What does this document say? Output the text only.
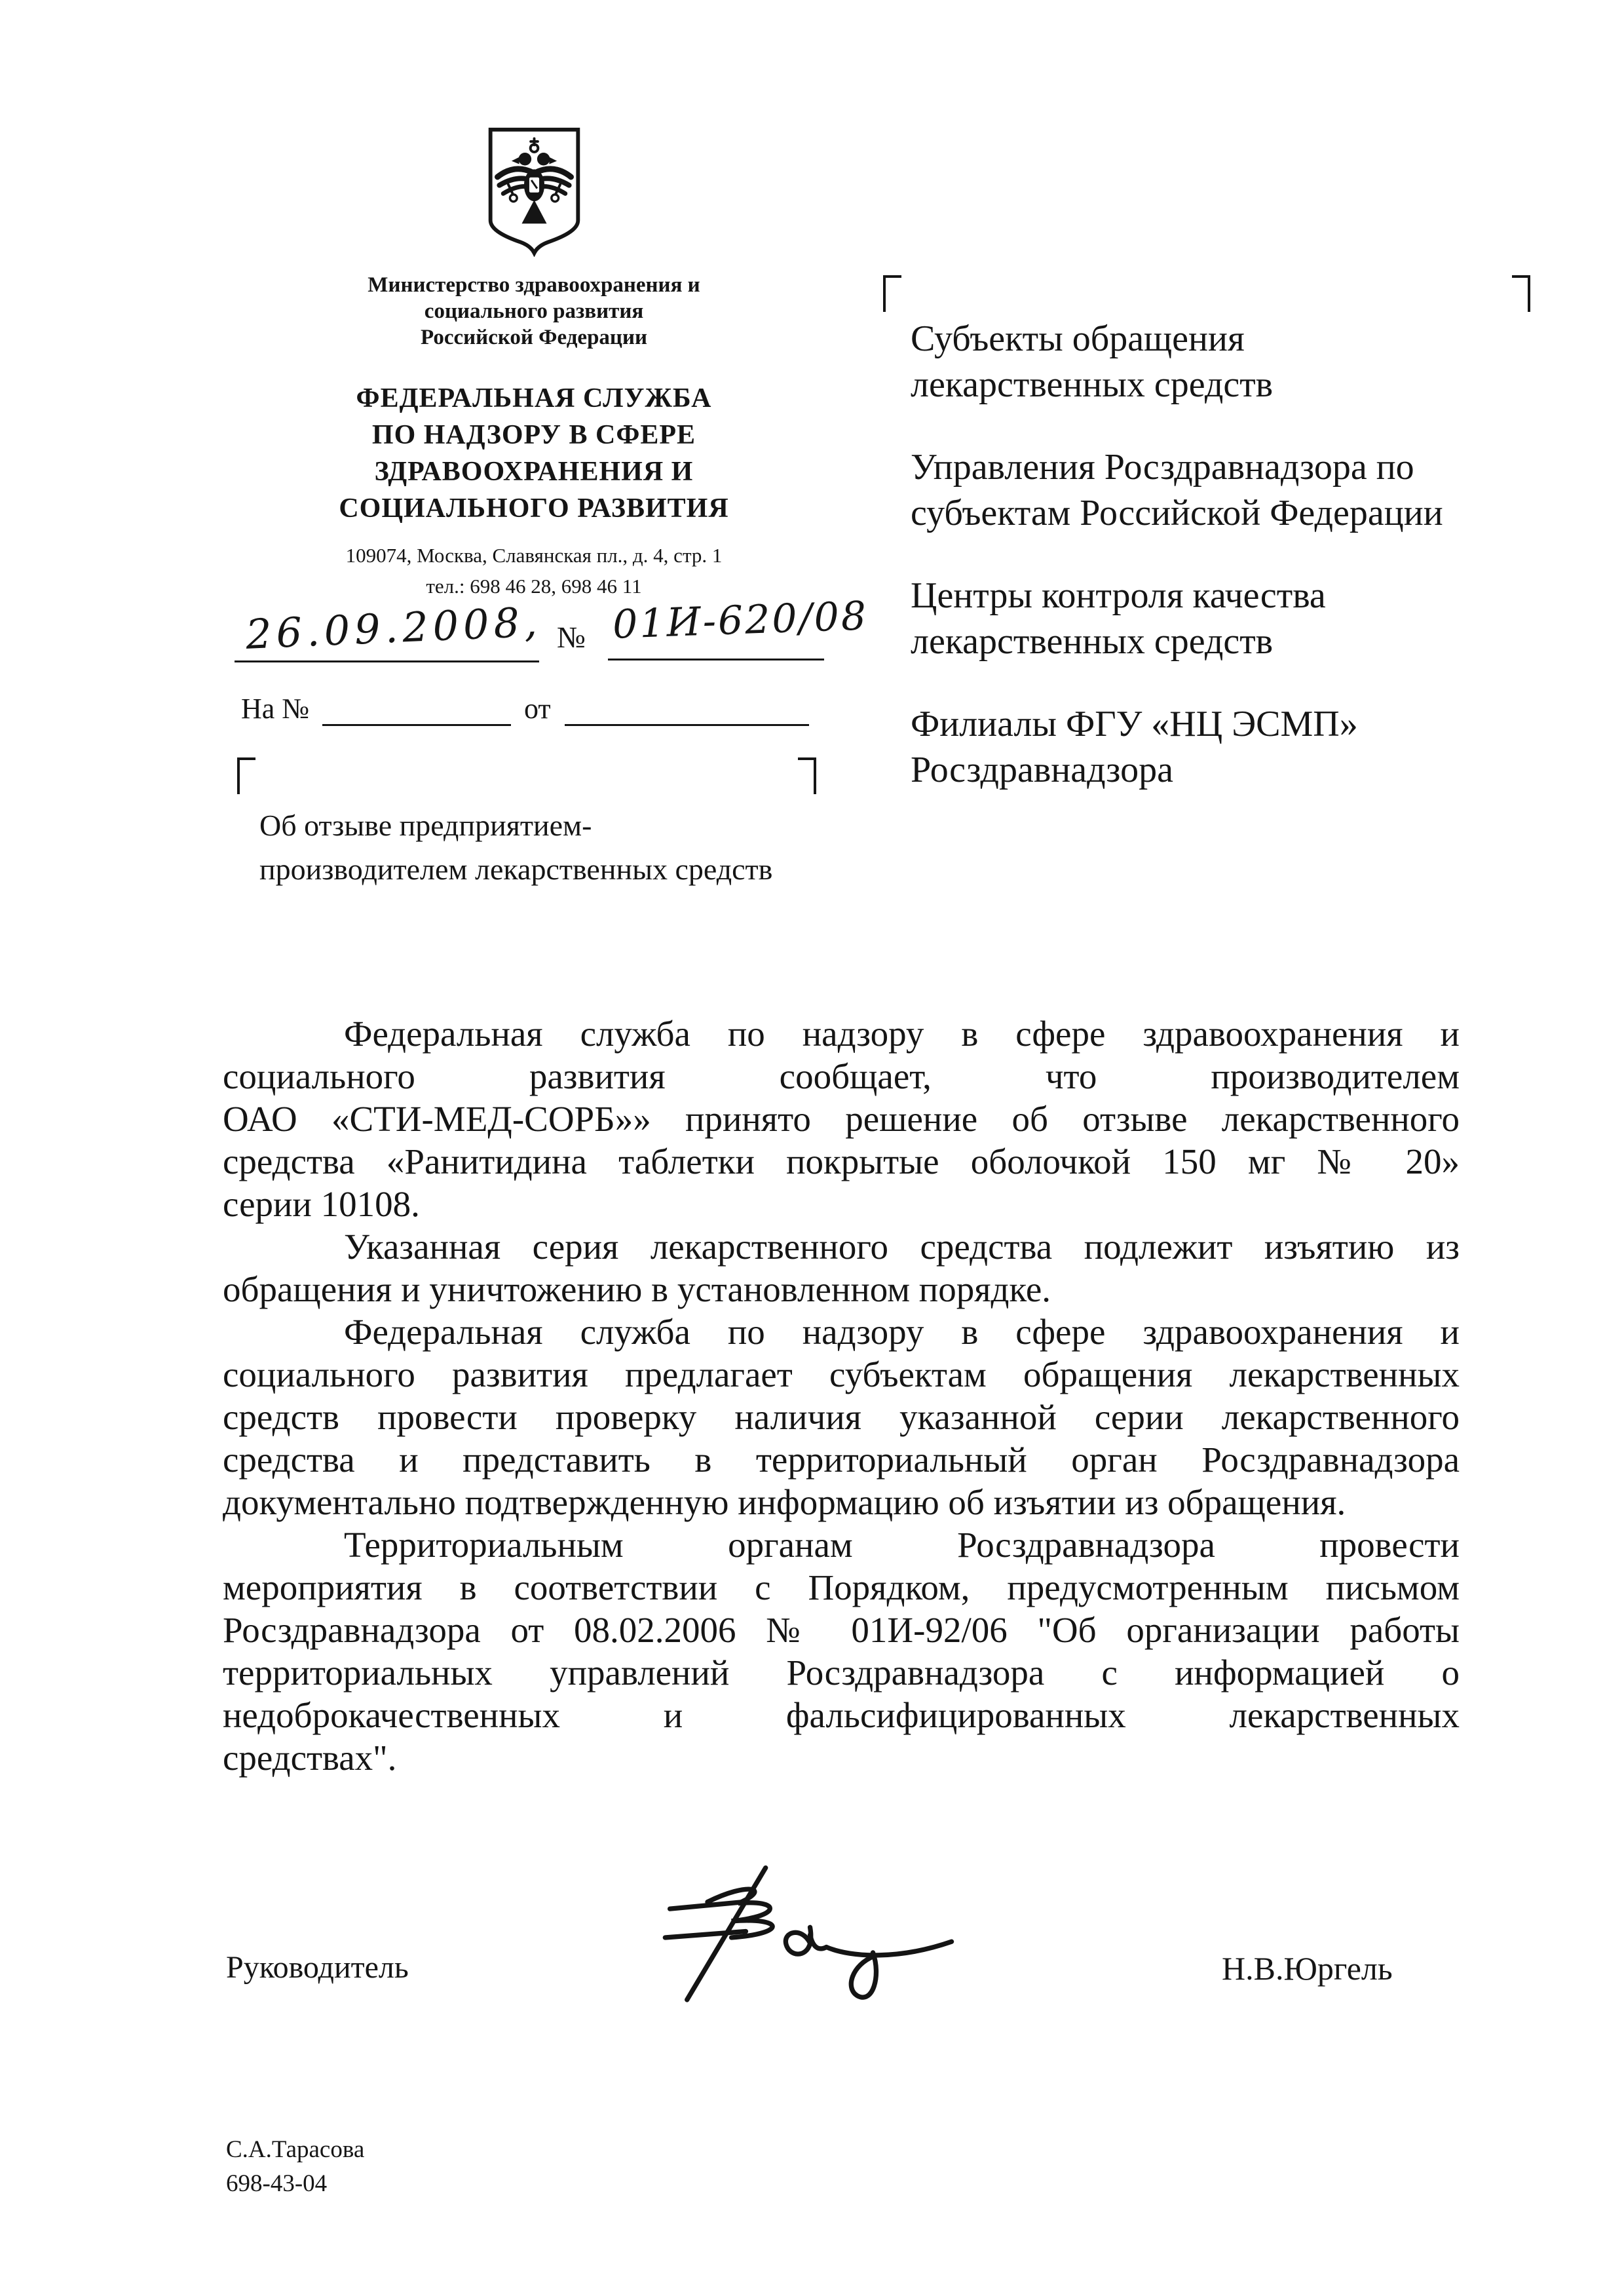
Министерство здравоохранения и
социального развития
Российской Федерации
ФЕДЕРАЛЬНАЯ СЛУЖБА
ПО НАДЗОРУ В СФЕРЕ
ЗДРАВООХРАНЕНИЯ И
СОЦИАЛЬНОГО РАЗВИТИЯ
109074, Москва, Славянская пл., д. 4, стр. 1
тел.: 698 46 28, 698 46 11
26.09.2008, № 01И-620/08
На №	от
Об отзыве предприятием-
производителем лекарственных средств
Субъекты обращения
лекарственных средств
Управления Росздравнадзора по
субъектам Российской Федерации
Центры контроля качества
лекарственных средств
Филиалы ФГУ «НЦ ЭСМП»
Росздравнадзора
Федеральная служба по надзору в сфере здравоохранения и
социального развития сообщает, что производителем
ОАО «СТИ-МЕД-СОРБ»» принято решение об отзыве лекарственного
средства «Ранитидина таблетки покрытые оболочкой 150 мг № 20»
серии 10108.
Указанная серия лекарственного средства подлежит изъятию из
обращения и уничтожению в установленном порядке.
Федеральная служба по надзору в сфере здравоохранения и
социального развития предлагает субъектам обращения лекарственных
средств провести проверку наличия указанной серии лекарственного
средства и представить в территориальный орган Росздравнадзора
документально подтвержденную информацию об изъятии из обращения.
Территориальным органам Росздравнадзора провести
мероприятия в соответствии с Порядком, предусмотренным письмом
Росздравнадзора от 08.02.2006 № 01И-92/06 "Об организации работы
территориальных управлений Росздравнадзора с информацией о
недоброкачественных и фальсифицированных лекарственных
средствах".
Руководитель	Н.В.Юргель
С.А.Тарасова
698-43-04
